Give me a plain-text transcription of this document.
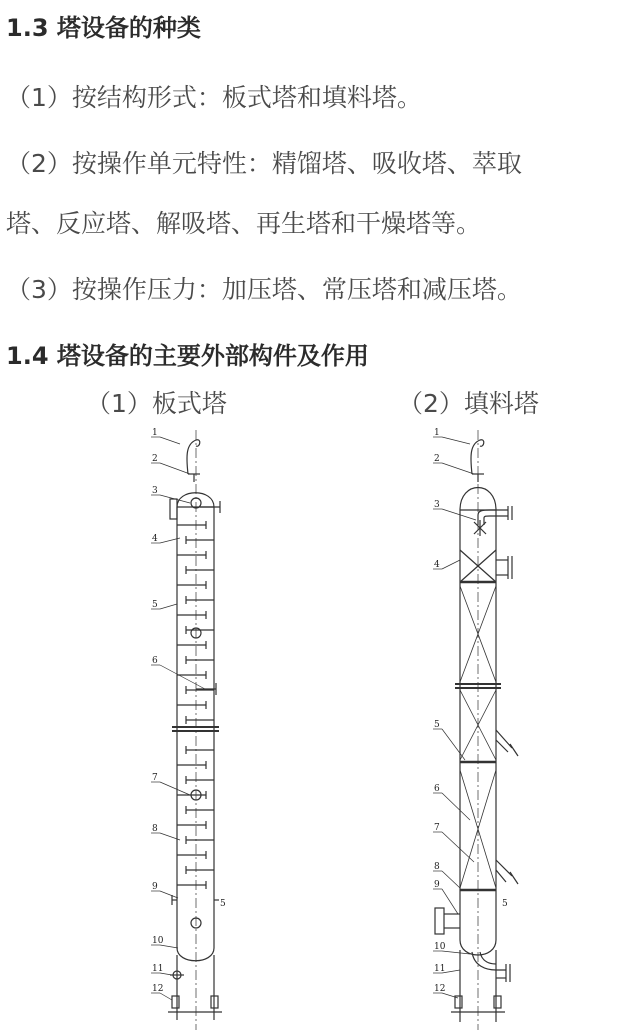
1.3 塔设备的种类

（1）按结构形式：板式塔和填料塔。

（2）按操作单元特性：精馏塔、吸收塔、萃取

塔、反应塔、解吸塔、再生塔和干燥塔等。

（3）按操作压力：加压塔、常压塔和减压塔。

1.4 塔设备的主要外部构件及作用
（1）板式塔	（2）填料塔
1
2
3
4
5
6
7
8
9
10
11
12
5
1
2
3
4
5
6
7
8
9
10
11
12
5
